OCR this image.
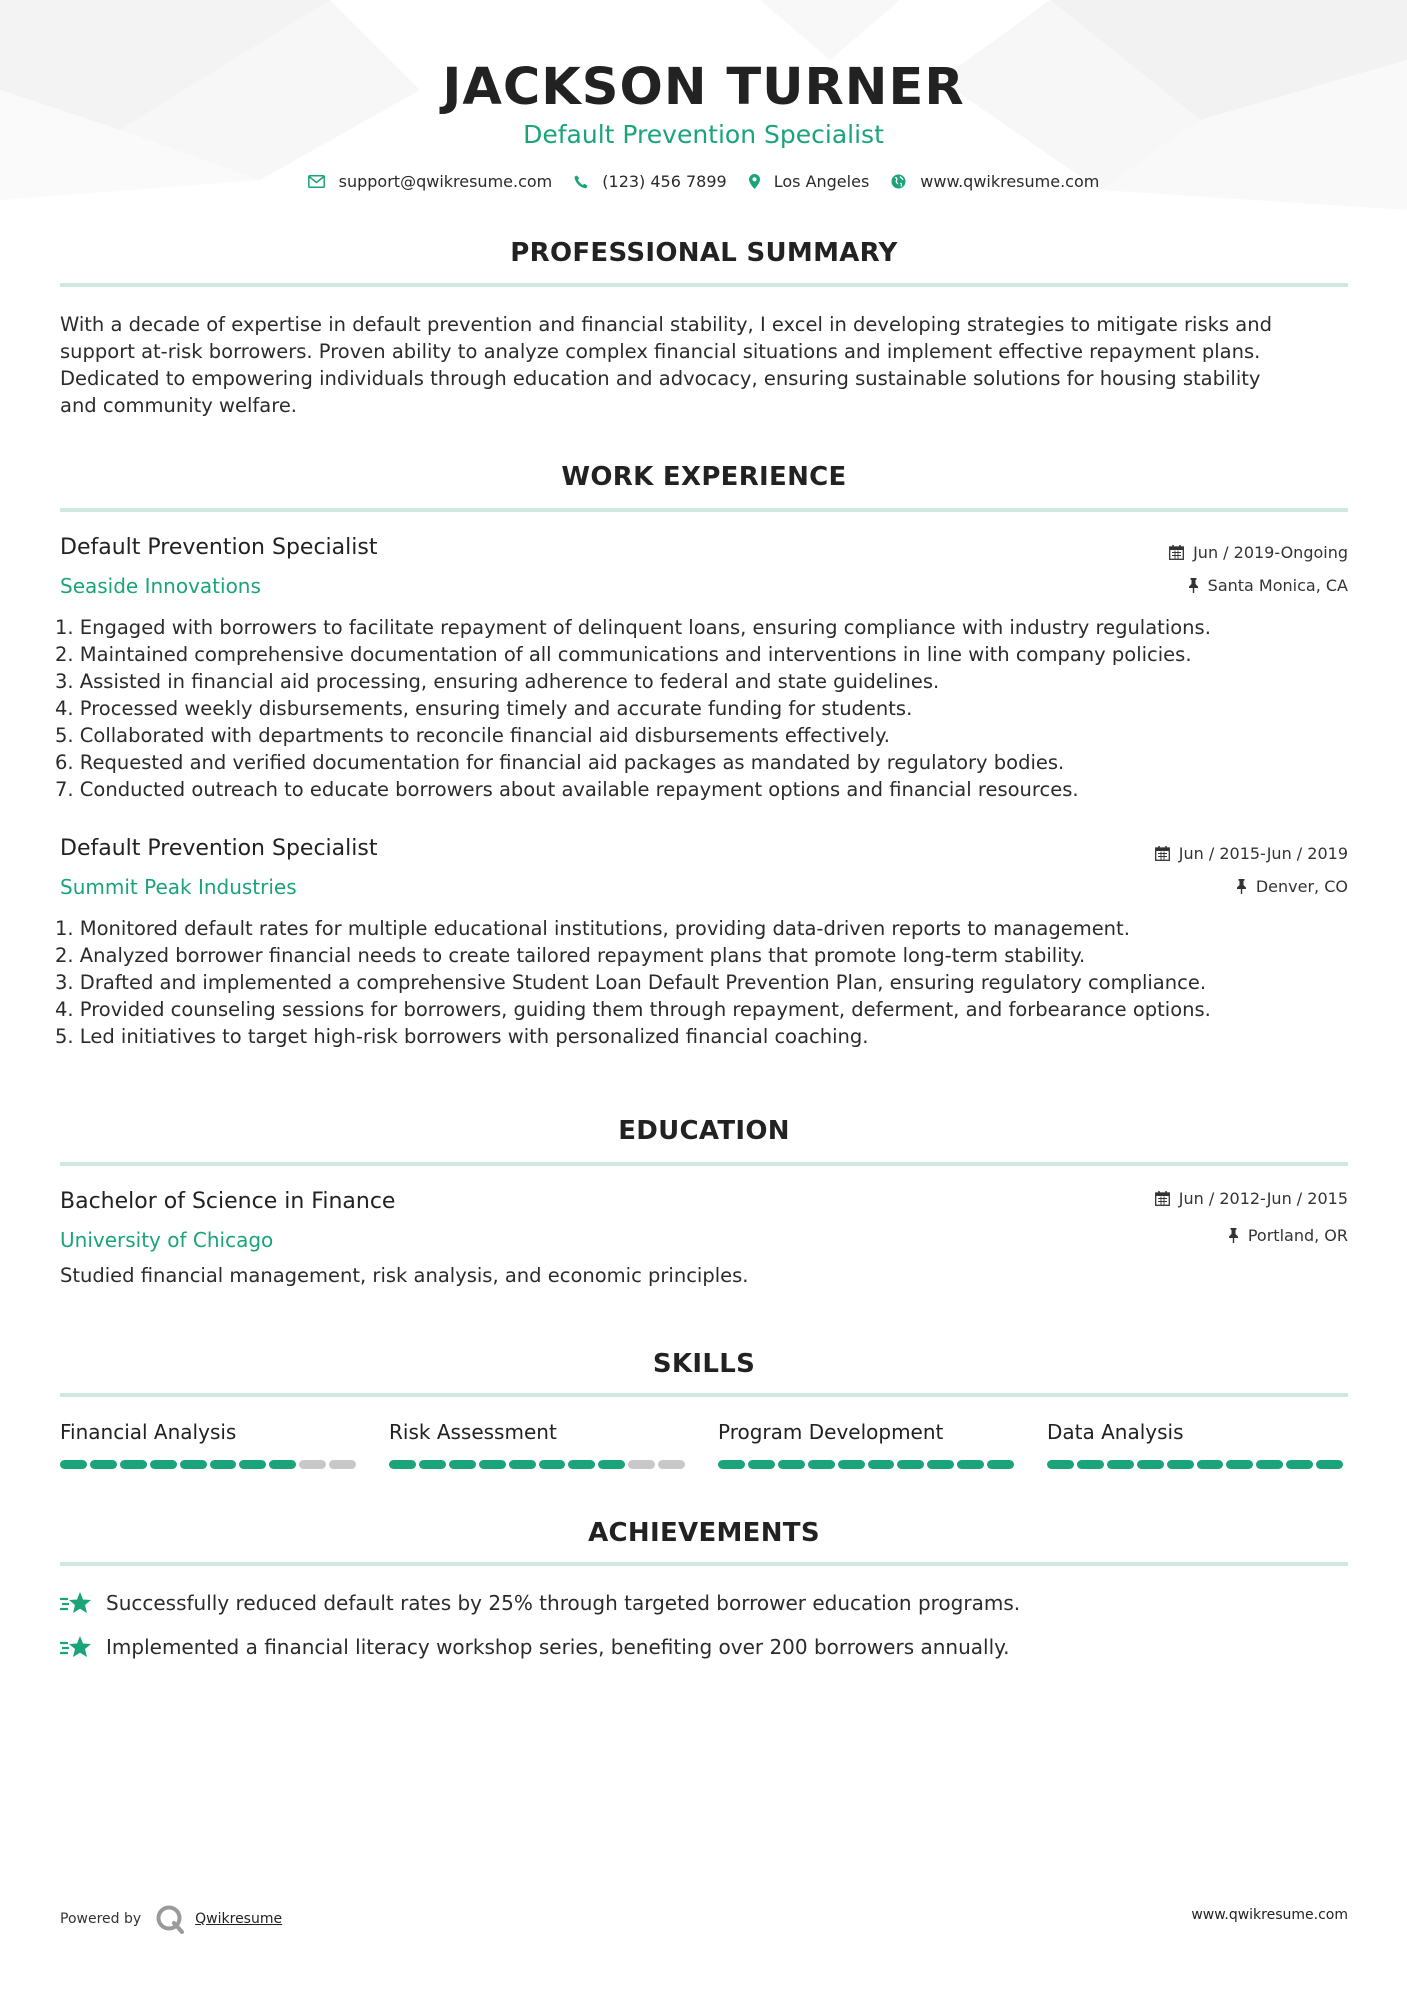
JACKSON TURNER
Default Prevention Specialist
support@qwikresume.com	(123) 456 7899	Los Angeles	www.qwikresume.com
PROFESSIONAL SUMMARY
With a decade of expertise in default prevention and financial stability, I excel in developing strategies to mitigate risks and
support at-risk borrowers. Proven ability to analyze complex financial situations and implement effective repayment plans.
Dedicated to empowering individuals through education and advocacy, ensuring sustainable solutions for housing stability
and community welfare.
WORK EXPERIENCE
Default Prevention Specialist	Jun / 2019-Ongoing
Seaside Innovations	Santa Monica, CA
1. Engaged with borrowers to facilitate repayment of delinquent loans, ensuring compliance with industry regulations.
2. Maintained comprehensive documentation of all communications and interventions in line with company policies.
3. Assisted in financial aid processing, ensuring adherence to federal and state guidelines.
4. Processed weekly disbursements, ensuring timely and accurate funding for students.
5. Collaborated with departments to reconcile financial aid disbursements effectively.
6. Requested and verified documentation for financial aid packages as mandated by regulatory bodies.
7. Conducted outreach to educate borrowers about available repayment options and financial resources.
Default Prevention Specialist	Jun / 2015-Jun / 2019
Summit Peak Industries	Denver, CO
1. Monitored default rates for multiple educational institutions, providing data-driven reports to management.
2. Analyzed borrower financial needs to create tailored repayment plans that promote long-term stability.
3. Drafted and implemented a comprehensive Student Loan Default Prevention Plan, ensuring regulatory compliance.
4. Provided counseling sessions for borrowers, guiding them through repayment, deferment, and forbearance options.
5. Led initiatives to target high-risk borrowers with personalized financial coaching.
EDUCATION
Bachelor of Science in Finance	Jun / 2012-Jun / 2015
University of Chicago	Portland, OR
Studied financial management, risk analysis, and economic principles.
SKILLS
Financial Analysis	Risk Assessment	Program Development	Data Analysis
ACHIEVEMENTS
Successfully reduced default rates by 25% through targeted borrower education programs.
Implemented a financial literacy workshop series, benefiting over 200 borrowers annually.
Powered by	Qwikresume	www.qwikresume.com
